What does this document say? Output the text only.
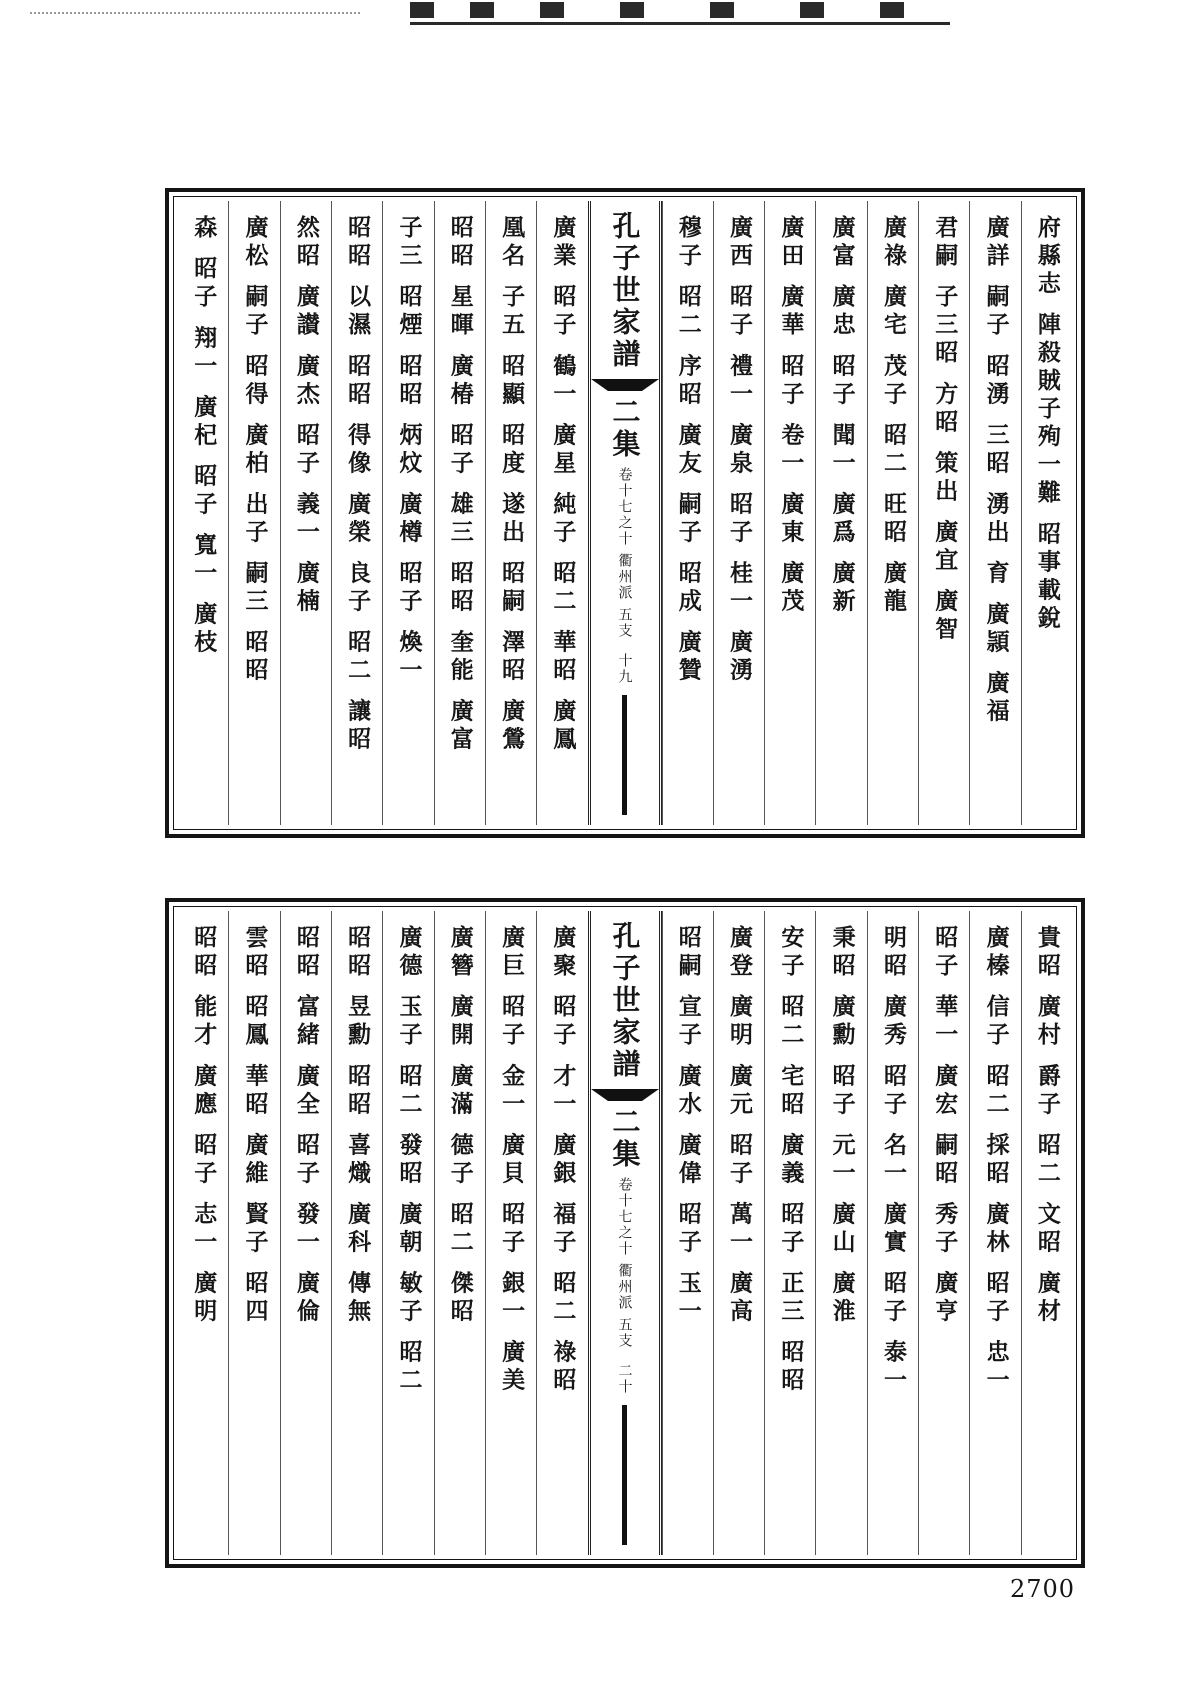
府縣志 陣殺賊子殉一難 昭事載銳
廣詳 嗣子 昭湧 三昭 湧出 育 廣頴 廣福
君嗣 子三昭 方昭 策出 廣宜 廣智
廣祿 廣宅 茂子 昭二 旺昭 廣龍
廣富 廣忠 昭子 聞一 廣爲 廣新
廣田 廣華 昭子 卷一 廣東 廣茂
廣西 昭子 禮一 廣泉 昭子 桂一 廣湧
穆子 昭二 序昭 廣友 嗣子 昭成 廣贊
孔子世家譜
二集
卷十七之十
衢州派
五支
十九
廣業 昭子 鶴一 廣星 純子 昭二 華昭 廣鳳
凰名 子五 昭顯 昭度 遂出 昭嗣 澤昭 廣鶯
昭昭 星暉 廣椿 昭子 雄三 昭昭 奎能 廣富
子三 昭煙 昭昭 炳炆 廣樽 昭子 煥一
昭昭 以濕 昭昭 得像 廣榮 良子 昭二 讓昭
然昭 廣讃 廣杰 昭子 義一 廣楠
廣松 嗣子 昭得 廣柏 出子 嗣三 昭昭
森 昭子 翔一 廣杞 昭子 寬一 廣枝
貴昭 廣村 爵子 昭二 文昭 廣材
廣榛 信子 昭二 採昭 廣林 昭子 忠一
昭子 華一 廣宏 嗣昭 秀子 廣亨
明昭 廣秀 昭子 名一 廣實 昭子 泰一
秉昭 廣勳 昭子 元一 廣山 廣淮
安子 昭二 宅昭 廣義 昭子 正三 昭昭
廣登 廣明 廣元 昭子 萬一 廣高
昭嗣 宣子 廣水 廣偉 昭子 玉一
孔子世家譜
二集
卷十七之十
衢州派
五支
二十
廣聚 昭子 才一 廣銀 福子 昭二 祿昭
廣巨 昭子 金一 廣貝 昭子 銀一 廣美
廣簪 廣開 廣滿 德子 昭二 傑昭
廣德 玉子 昭二 發昭 廣朝 敏子 昭二
昭昭 昱勳 昭昭 喜熾 廣科 傳無
昭昭 富緒 廣全 昭子 發一 廣倫
雲昭 昭鳳 華昭 廣維 賢子 昭四
昭昭 能才 廣應 昭子 志一 廣明
2700
